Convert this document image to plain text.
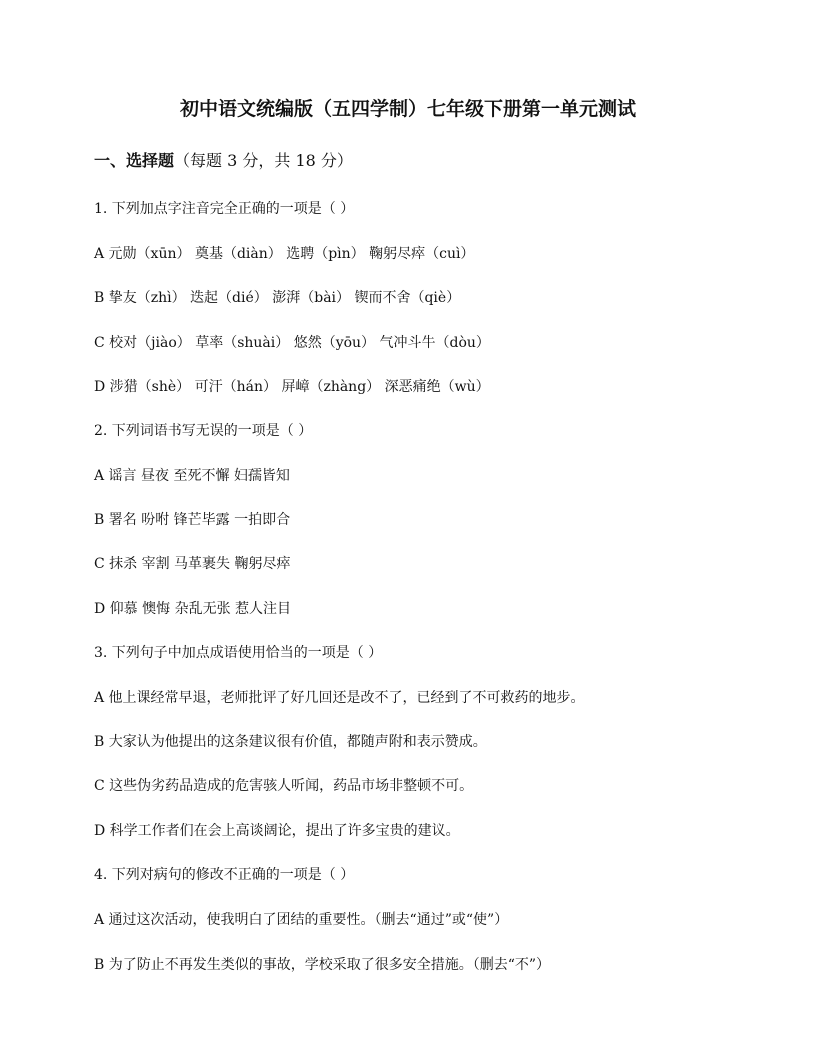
初中语文统编版（五四学制）七年级下册第一单元测试
一、选择题（每题 3 分，共 18 分）
1. 下列加点字注音完全正确的一项是（ ）
A 元勋（xūn） 奠基（diàn） 选聘（pìn） 鞠躬尽瘁（cuì）
B 挚友（zhì） 迭起（dié） 澎湃（bài） 锲而不舍（qiè）
C 校对（jiào） 草率（shuài） 悠然（yōu） 气冲斗牛（dòu）
D 涉猎（shè） 可汗（hán） 屏嶂（zhàng） 深恶痛绝（wù）
2. 下列词语书写无误的一项是（ ）
A 谣言 昼夜 至死不懈 妇孺皆知
B 署名 吩咐 锋芒毕露 一拍即合
C 抹杀 宰割 马革裹失 鞠躬尽瘁
D 仰慕 懊悔 杂乱无张 惹人注目
3. 下列句子中加点成语使用恰当的一项是（ ）
A 他上课经常早退，老师批评了好几回还是改不了，已经到了不可救药的地步。
B 大家认为他提出的这条建议很有价值，都随声附和表示赞成。
C 这些伪劣药品造成的危害骇人听闻，药品市场非整顿不可。
D 科学工作者们在会上高谈阔论，提出了许多宝贵的建议。
4. 下列对病句的修改不正确的一项是（ ）
A 通过这次活动，使我明白了团结的重要性。（删去“通过”或“使”）
B 为了防止不再发生类似的事故，学校采取了很多安全措施。（删去“不”）
